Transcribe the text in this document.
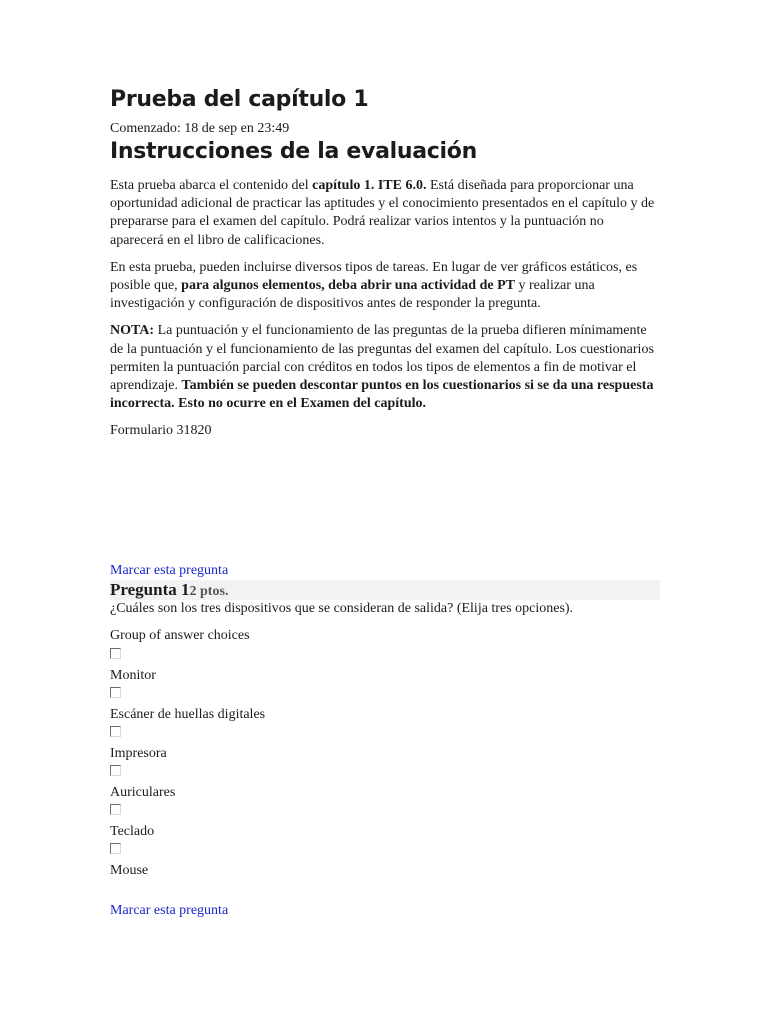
Prueba del capítulo 1
Comenzado: 18 de sep en 23:49
Instrucciones de la evaluación

Esta prueba abarca el contenido del capítulo 1. ITE 6.0. Está diseñada para proporcionar una oportunidad adicional de practicar las aptitudes y el conocimiento presentados en el capítulo y de prepararse para el examen del capítulo. Podrá realizar varios intentos y la puntuación no aparecerá en el libro de calificaciones.

En esta prueba, pueden incluirse diversos tipos de tareas. En lugar de ver gráficos estáticos, es posible que, para algunos elementos, deba abrir una actividad de PT y realizar una investigación y configuración de dispositivos antes de responder la pregunta.

NOTA: La puntuación y el funcionamiento de las preguntas de la prueba difieren mínimamente de la puntuación y el funcionamiento de las preguntas del examen del capítulo. Los cuestionarios permiten la puntuación parcial con créditos en todos los tipos de elementos a fin de motivar el aprendizaje. También se pueden descontar puntos en los cuestionarios si se da una respuesta incorrecta. Esto no ocurre en el Examen del capítulo.

Formulario 31820
Marcar esta pregunta
Pregunta 12 ptos.

¿Cuáles son los tres dispositivos que se consideran de salida? (Elija tres opciones).

Group of answer choices
Monitor
Escáner de huellas digitales
Impresora
Auriculares
Teclado
Mouse
Marcar esta pregunta
